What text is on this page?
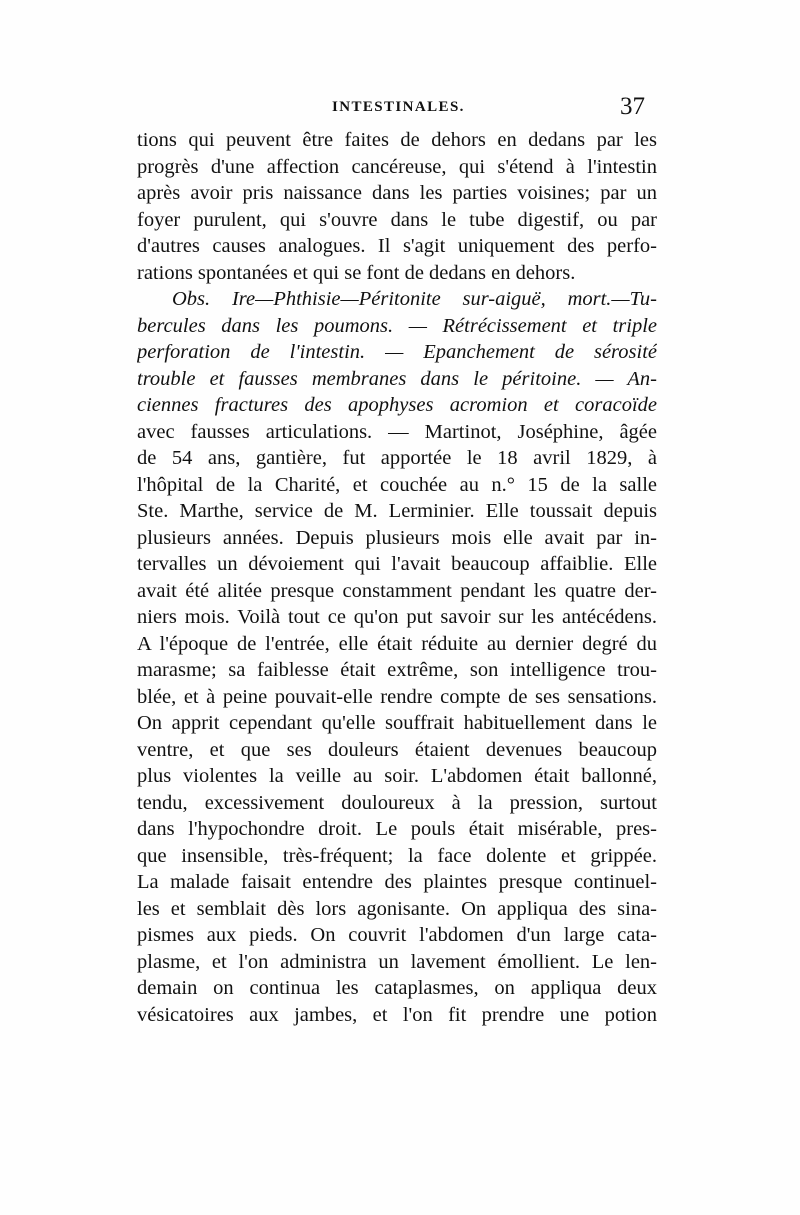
INTESTINALES.	37
tions qui peuvent être faites de dehors en dedans par les
progrès d'une affection cancéreuse, qui s'étend à l'intestin
après avoir pris naissance dans les parties voisines; par un
foyer purulent, qui s'ouvre dans le tube digestif, ou par
d'autres causes analogues. Il s'agit uniquement des perfo-
rations spontanées et qui se font de dedans en dehors.
Obs. Ire—Phthisie—Péritonite sur-aiguë, mort.—Tu-
bercules dans les poumons. — Rétrécissement et triple
perforation de l'intestin. — Epanchement de sérosité
trouble et fausses membranes dans le péritoine. — An-
ciennes fractures des apophyses acromion et coracoïde
avec fausses articulations. — Martinot, Joséphine, âgée
de 54 ans, gantière, fut apportée le 18 avril 1829, à
l'hôpital de la Charité, et couchée au n.° 15 de la salle
Ste. Marthe, service de M. Lerminier. Elle toussait depuis
plusieurs années. Depuis plusieurs mois elle avait par in-
tervalles un dévoiement qui l'avait beaucoup affaiblie. Elle
avait été alitée presque constamment pendant les quatre der-
niers mois. Voilà tout ce qu'on put savoir sur les antécédens.
A l'époque de l'entrée, elle était réduite au dernier degré du
marasme; sa faiblesse était extrême, son intelligence trou-
blée, et à peine pouvait-elle rendre compte de ses sensations.
On apprit cependant qu'elle souffrait habituellement dans le
ventre, et que ses douleurs étaient devenues beaucoup
plus violentes la veille au soir. L'abdomen était ballonné,
tendu, excessivement douloureux à la pression, surtout
dans l'hypochondre droit. Le pouls était misérable, pres-
que insensible, très-fréquent; la face dolente et grippée.
La malade faisait entendre des plaintes presque continuel-
les et semblait dès lors agonisante. On appliqua des sina-
pismes aux pieds. On couvrit l'abdomen d'un large cata-
plasme, et l'on administra un lavement émollient. Le len-
demain on continua les cataplasmes, on appliqua deux
vésicatoires aux jambes, et l'on fit prendre une potion
